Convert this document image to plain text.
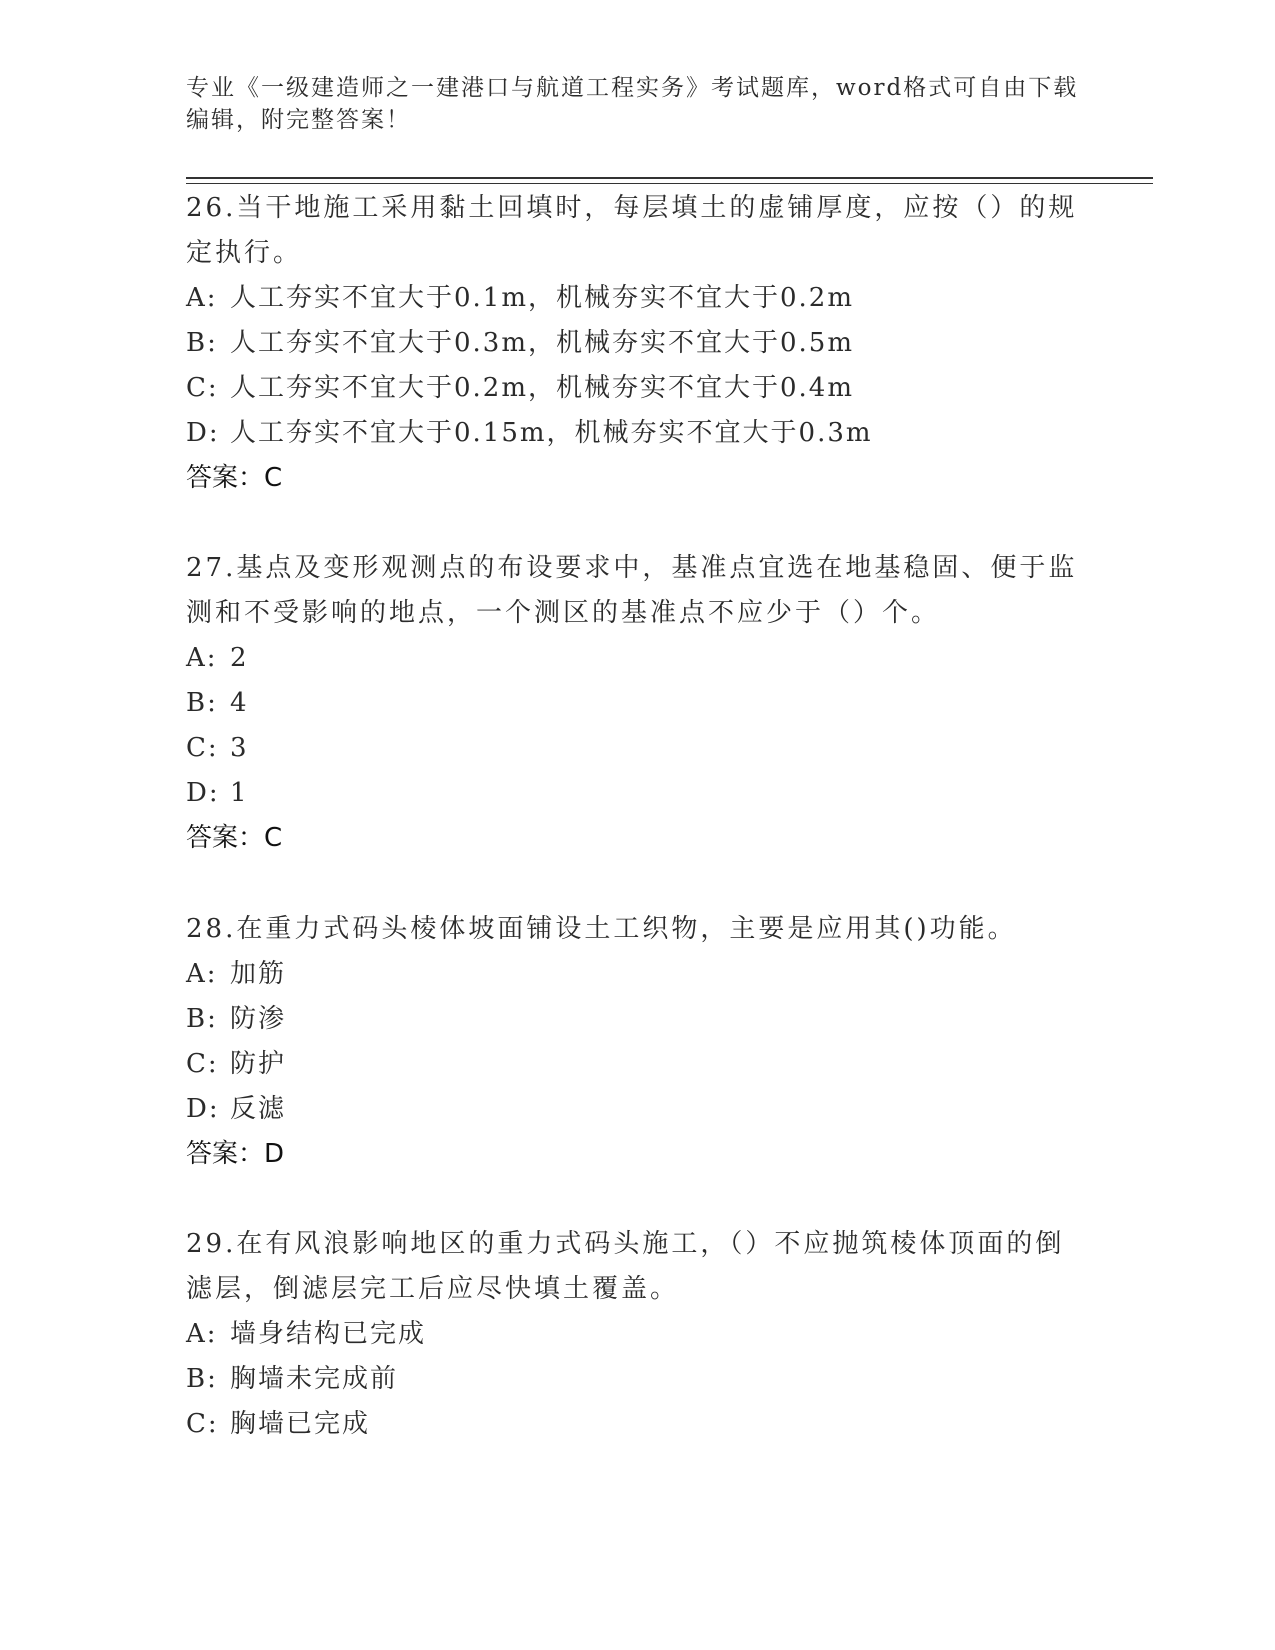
专业《一级建造师之一建港口与航道工程实务》考试题库，word格式可自由下载
编辑，附完整答案！
26.当干地施工采用黏土回填时，每层填土的虚铺厚度，应按（）的规
定执行。
A: 人工夯实不宜大于0.1m，机械夯实不宜大于0.2m
B: 人工夯实不宜大于0.3m，机械夯实不宜大于0.5m
C: 人工夯实不宜大于0.2m，机械夯实不宜大于0.4m
D: 人工夯实不宜大于0.15m，机械夯实不宜大于0.3m
答案：C
27.基点及变形观测点的布设要求中，基准点宜选在地基稳固、便于监
测和不受影响的地点，一个测区的基准点不应少于（）个。
A: 2
B: 4
C: 3
D: 1
答案：C
28.在重力式码头棱体坡面铺设土工织物，主要是应用其()功能。
A: 加筋
B: 防渗
C: 防护
D: 反滤
答案：D
29.在有风浪影响地区的重力式码头施工，（）不应抛筑棱体顶面的倒
滤层，倒滤层完工后应尽快填土覆盖。
A: 墙身结构已完成
B: 胸墙未完成前
C: 胸墙已完成
